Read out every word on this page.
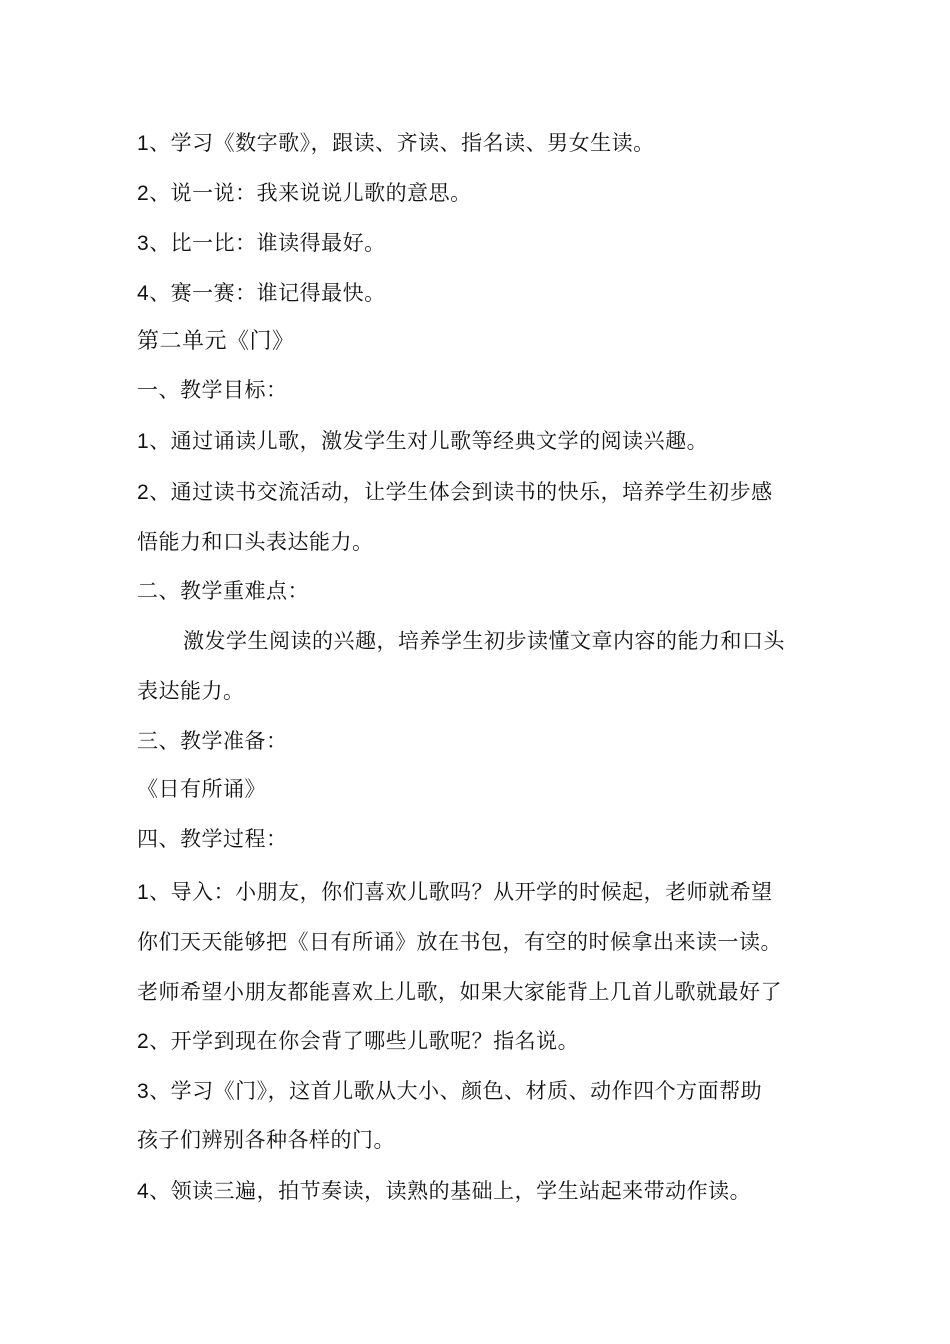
1、学习《数字歌》，跟读、齐读、指名读、男女生读。
2、说一说：我来说说儿歌的意思。
3、比一比：谁读得最好。
4、赛一赛：谁记得最快。
第二单元《门》
一、教学目标：
1、通过诵读儿歌，激发学生对儿歌等经典文学的阅读兴趣。
2、通过读书交流活动，让学生体会到读书的快乐，培养学生初步感
悟能力和口头表达能力。
二、教学重难点：
激发学生阅读的兴趣，培养学生初步读懂文章内容的能力和口头
表达能力。
三、教学准备：
《日有所诵》
四、教学过程：
1、导入：小朋友，你们喜欢儿歌吗？从开学的时候起，老师就希望
你们天天能够把《日有所诵》放在书包，有空的时候拿出来读一读。
老师希望小朋友都能喜欢上儿歌，如果大家能背上几首儿歌就最好了
2、开学到现在你会背了哪些儿歌呢？指名说。
3、学习《门》，这首儿歌从大小、颜色、材质、动作四个方面帮助
孩子们辨别各种各样的门。
4、领读三遍，拍节奏读，读熟的基础上，学生站起来带动作读。
